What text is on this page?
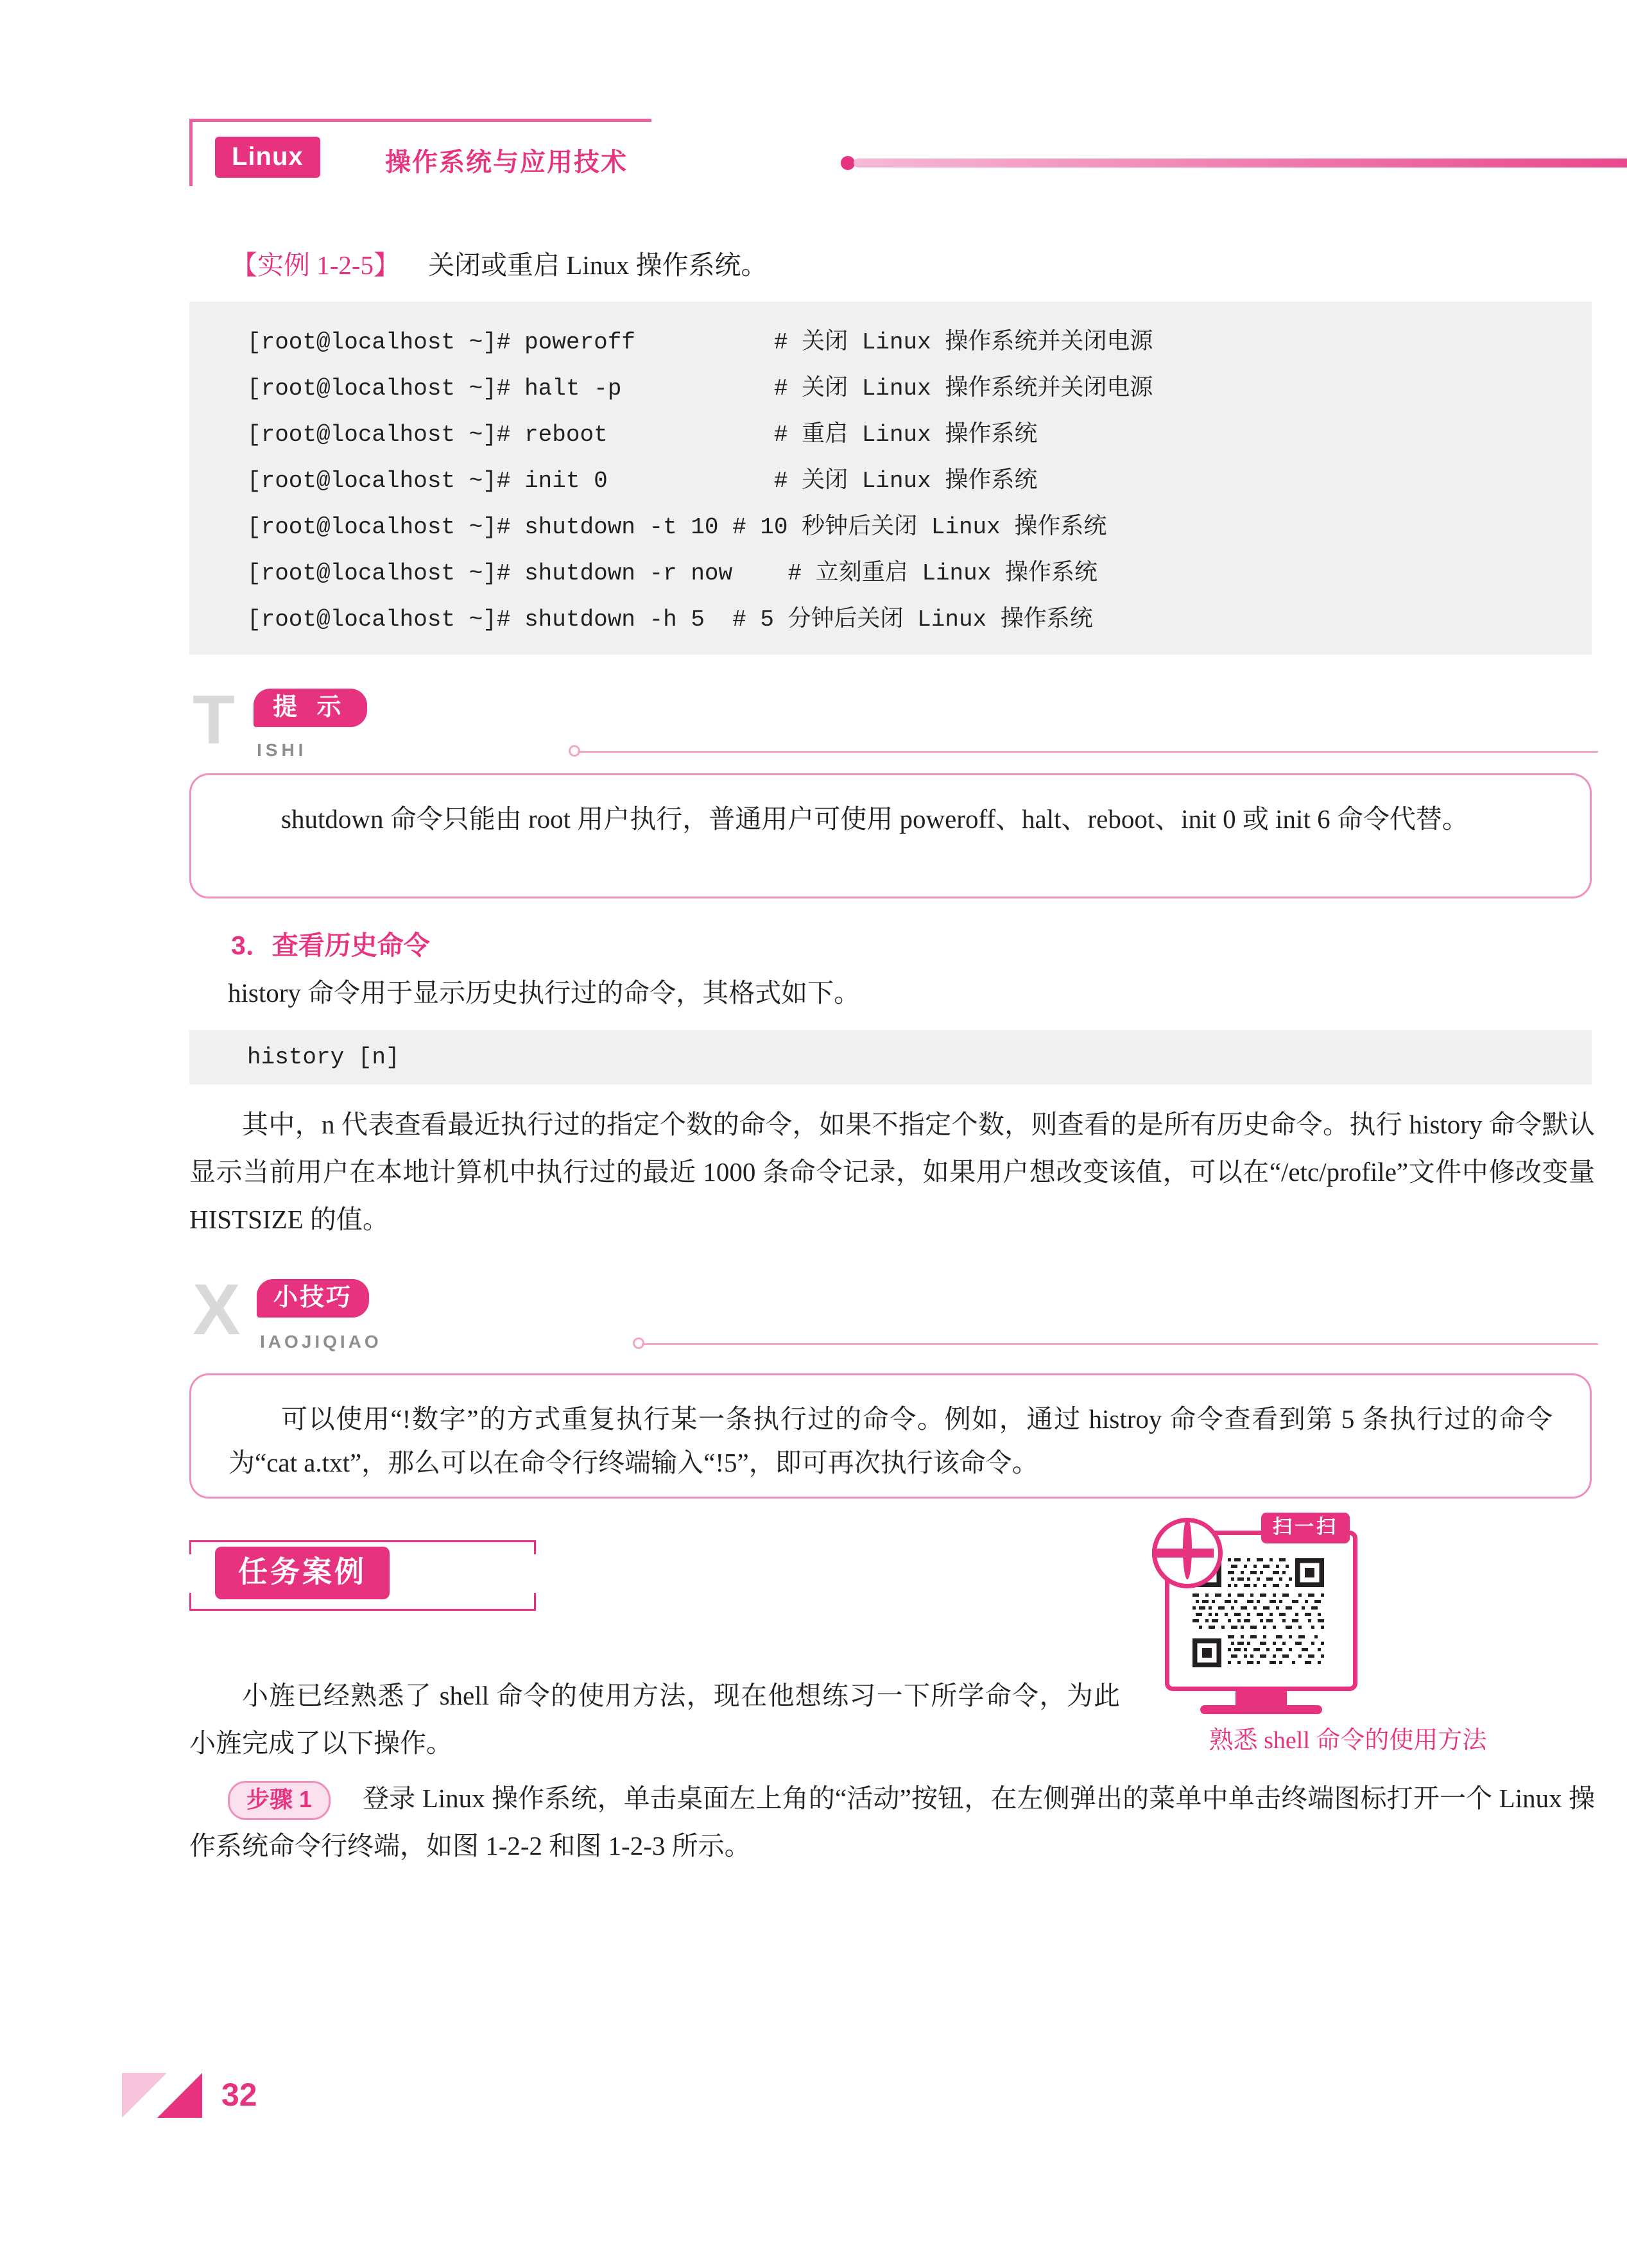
Linux	操作系统与应用技术
【实例 1-2-5】 关闭或重启 Linux 操作系统。
[root@localhost ~]# poweroff          # 关闭 Linux 操作系统并关闭电源
[root@localhost ~]# halt -p           # 关闭 Linux 操作系统并关闭电源
[root@localhost ~]# reboot            # 重启 Linux 操作系统
[root@localhost ~]# init 0            # 关闭 Linux 操作系统
[root@localhost ~]# shutdown -t 10 # 10 秒钟后关闭 Linux 操作系统
[root@localhost ~]# shutdown -r now    # 立刻重启 Linux 操作系统
[root@localhost ~]# shutdown -h 5  # 5 分钟后关闭 Linux 操作系统
T	提 示
ISHI
shutdown 命令只能由 root 用户执行，普通用户可使用 poweroff、halt、reboot、init 0 或 init 6 命令代替。
3．查看历史命令
history 命令用于显示历史执行过的命令，其格式如下。
history [n]
其中，n 代表查看最近执行过的指定个数的命令，如果不指定个数，则查看的是所有历史命令。执行 history 命令默认显示当前用户在本地计算机中执行过的最近 1000 条命令记录，如果用户想改变该值，可以在“/etc/profile”文件中修改变量 HISTSIZE 的值。
X	小技巧
IAOJIQIAO
可以使用“!数字”的方式重复执行某一条执行过的命令。例如，通过 histroy 命令查看到第 5 条执行过的命令为“cat a.txt”，那么可以在命令行终端输入“!5”，即可再次执行该命令。
任务案例
扫一扫
熟悉 shell 命令的使用方法
小旌已经熟悉了 shell 命令的使用方法，现在他想练习一下所学命令，为此小旌完成了以下操作。
步骤 1	登录 Linux 操作系统，单击桌面左上角的“活动”按钮，在左侧弹出的菜单中单击终端图标打开一个 Linux 操作系统命令行终端，如图 1-2-2 和图 1-2-3 所示。
32
